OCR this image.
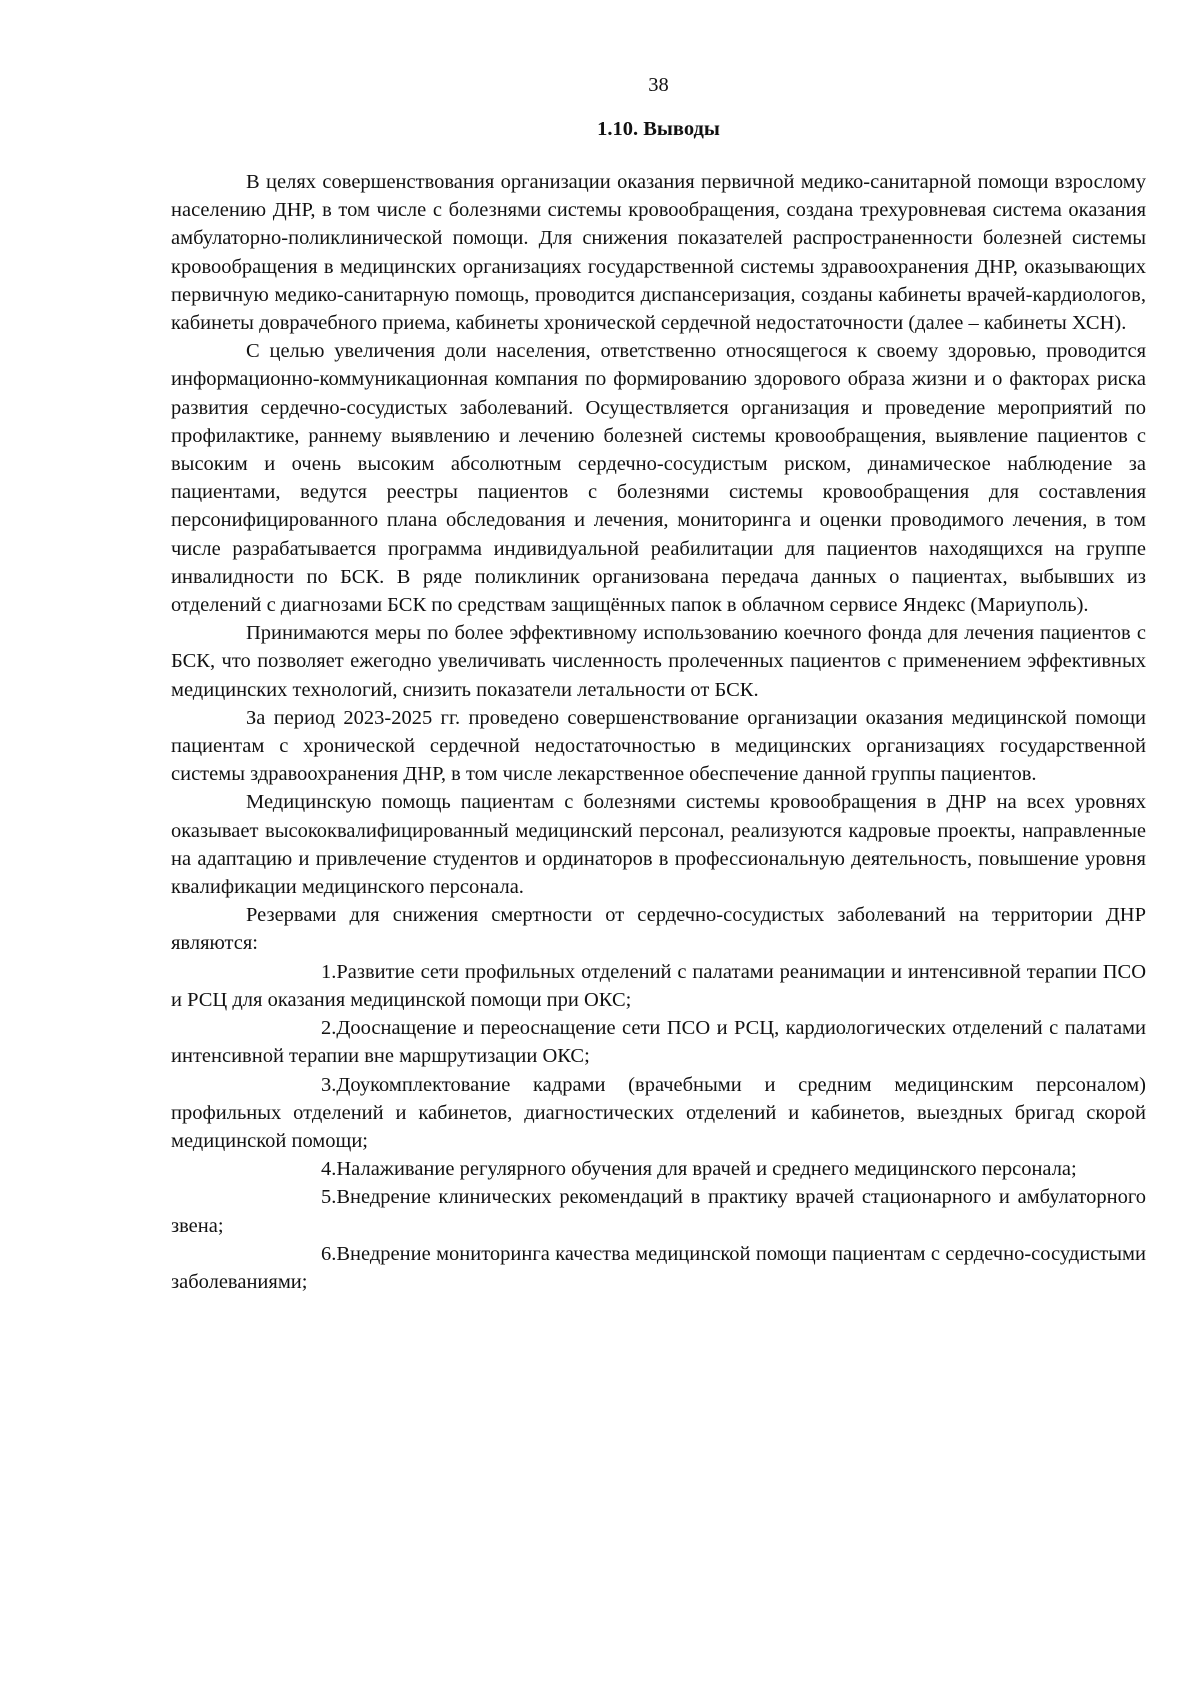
38
1.10. Выводы

В целях совершенствования организации оказания первичной медико-санитарной помощи взрослому населению ДНР, в том числе с болезнями системы кровообращения, создана трехуровневая система оказания амбулаторно-поликлинической помощи. Для снижения показателей распространенности болезней системы кровообращения в медицинских организациях государственной системы здравоохранения ДНР, оказывающих первичную медико-санитарную помощь, проводится диспансеризация, созданы кабинеты врачей-кардиологов, кабинеты доврачебного приема, кабинеты хронической сердечной недостаточности (далее – кабинеты ХСН).

С целью увеличения доли населения, ответственно относящегося к своему здоровью, проводится информационно-коммуникационная компания по формированию здорового образа жизни и о факторах риска развития сердечно-сосудистых заболеваний. Осуществляется организация и проведение мероприятий по профилактике, раннему выявлению и лечению болезней системы кровообращения, выявление пациентов с высоким и очень высоким абсолютным сердечно-сосудистым риском, динамическое наблюдение за пациентами, ведутся реестры пациентов с болезнями системы кровообращения для составления персонифицированного плана обследования и лечения, мониторинга и оценки проводимого лечения, в том числе разрабатывается программа индивидуальной реабилитации для пациентов находящихся на группе инвалидности по БСК. В ряде поликлиник организована передача данных о пациентах, выбывших из отделений с диагнозами БСК по средствам защищённых папок в облачном сервисе Яндекс (Мариуполь).

Принимаются меры по более эффективному использованию коечного фонда для лечения пациентов с БСК, что позволяет ежегодно увеличивать численность пролеченных пациентов с применением эффективных медицинских технологий, снизить показатели летальности от БСК.

За период 2023-2025 гг. проведено совершенствование организации оказания медицинской помощи пациентам с хронической сердечной недостаточностью в медицинских организациях государственной системы здравоохранения ДНР, в том числе лекарственное обеспечение данной группы пациентов.

Медицинскую помощь пациентам с болезнями системы кровообращения в ДНР на всех уровнях оказывает высококвалифицированный медицинский персонал, реализуются кадровые проекты, направленные на адаптацию и привлечение студентов и ординаторов в профессиональную деятельность, повышение уровня квалификации медицинского персонала.

Резервами для снижения смертности от сердечно-сосудистых заболеваний на территории ДНР являются:

1.Развитие сети профильных отделений с палатами реанимации и интенсивной терапии ПСО и РСЦ для оказания медицинской помощи при ОКС;

2.Дооснащение и переоснащение сети ПСО и РСЦ, кардиологических отделений с палатами интенсивной терапии вне маршрутизации ОКС;

3.Доукомплектование кадрами (врачебными и средним медицинским персоналом) профильных отделений и кабинетов, диагностических отделений и кабинетов, выездных бригад скорой медицинской помощи;

4.Налаживание регулярного обучения для врачей и среднего медицинского персонала;

5.Внедрение клинических рекомендаций в практику врачей стационарного и амбулаторного звена;

6.Внедрение мониторинга качества медицинской помощи пациентам с сердечно-сосудистыми заболеваниями;
